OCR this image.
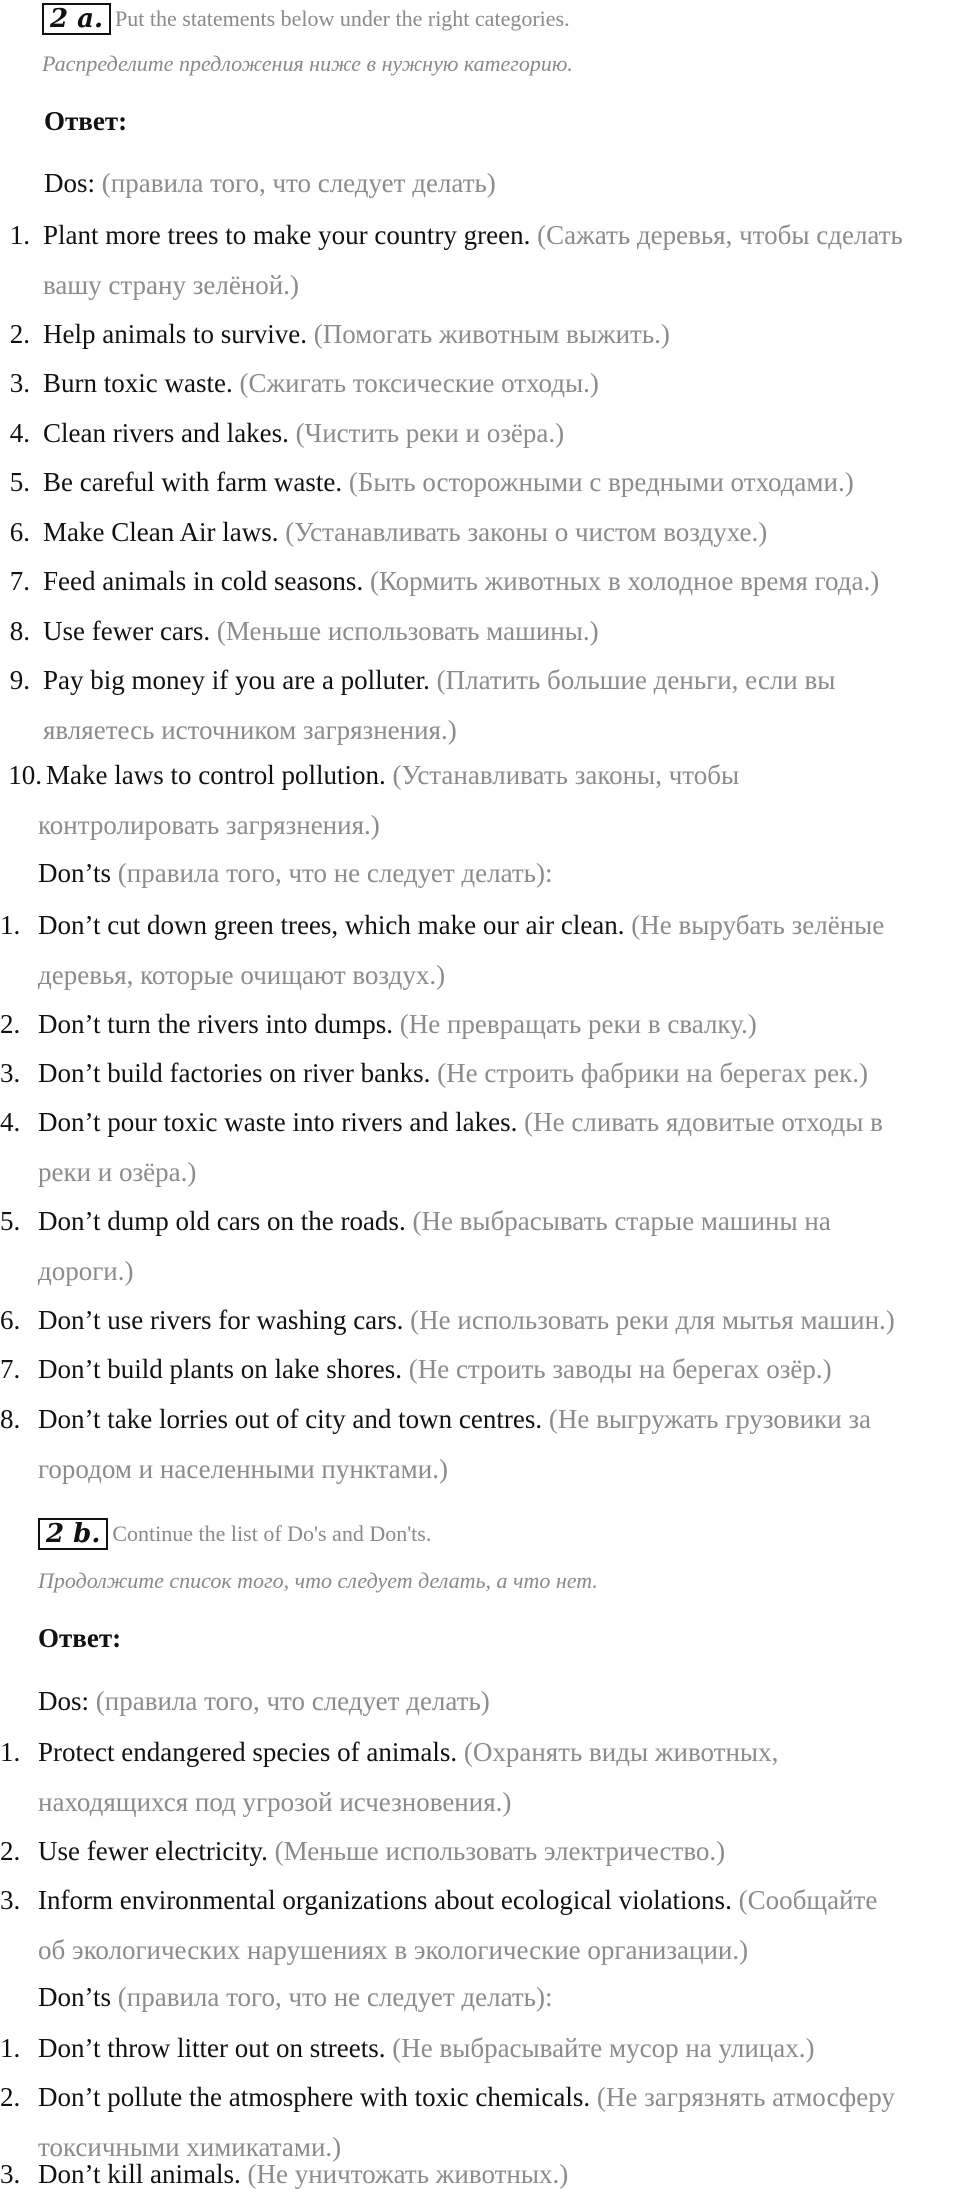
2 a. Put the statements below under the right categories.
Распределите предложения ниже в нужную категорию.
Ответ:
Dos: (правила того, что следует делать)
1. Plant more trees to make your country green. (Сажать деревья, чтобы сделать
вашу страну зелёной.)
2. Help animals to survive. (Помогать животным выжить.)
3. Burn toxic waste. (Сжигать токсические отходы.)
4. Clean rivers and lakes. (Чистить реки и озёра.)
5. Be careful with farm waste. (Быть осторожными с вредными отходами.)
6. Make Clean Air laws. (Устанавливать законы о чистом воздухе.)
7. Feed animals in cold seasons. (Кормить животных в холодное время года.)
8. Use fewer cars. (Меньше использовать машины.)
9. Pay big money if you are a polluter. (Платить большие деньги, если вы
являетесь источником загрязнения.)
10. Make laws to control pollution. (Устанавливать законы, чтобы
контролировать загрязнения.)
Don’ts (правила того, что не следует делать):
1. Don’t cut down green trees, which make our air clean. (Не вырубать зелёные
деревья, которые очищают воздух.)
2. Don’t turn the rivers into dumps. (Не превращать реки в свалку.)
3. Don’t build factories on river banks. (Не строить фабрики на берегах рек.)
4. Don’t pour toxic waste into rivers and lakes. (Не сливать ядовитые отходы в
реки и озёра.)
5. Don’t dump old cars on the roads. (Не выбрасывать старые машины на
дороги.)
6. Don’t use rivers for washing cars. (Не использовать реки для мытья машин.)
7. Don’t build plants on lake shores. (Не строить заводы на берегах озёр.)
8. Don’t take lorries out of city and town centres. (Не выгружать грузовики за
городом и населенными пунктами.)
2 b. Continue the list of Do's and Don'ts.
Продолжите список того, что следует делать, а что нет.
Ответ:
Dos: (правила того, что следует делать)
1. Protect endangered species of animals. (Охранять виды животных,
находящихся под угрозой исчезновения.)
2. Use fewer electricity. (Меньше использовать электричество.)
3. Inform environmental organizations about ecological violations. (Сообщайте
об экологических нарушениях в экологические организации.)
Don’ts (правила того, что не следует делать):
1. Don’t throw litter out on streets. (Не выбрасывайте мусор на улицах.)
2. Don’t pollute the atmosphere with toxic chemicals. (Не загрязнять атмосферу
токсичными химикатами.)
3. Don’t kill animals. (Не уничтожать животных.)
